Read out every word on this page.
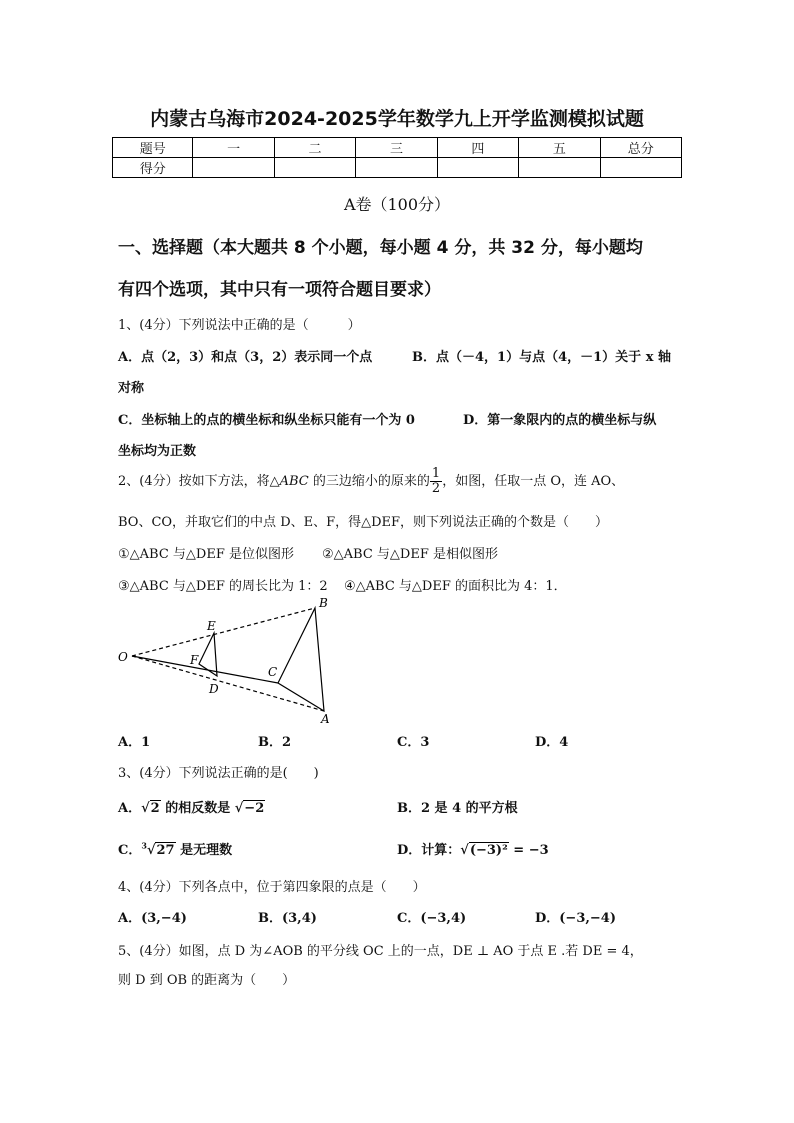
内蒙古乌海市2024-2025学年数学九上开学监测模拟试题
题号	一	二	三	四	五	总分
得分						
A卷（100分）
一、选择题（本大题共 8 个小题，每小题 4 分，共 32 分，每小题均
有四个选项，其中只有一项符合题目要求）
1、(4分）下列说法中正确的是（　　　）
A．点（2，3）和点（3，2）表示同一个点	B．点（－4，1）与点（4，－1）关于 x 轴
对称
C．坐标轴上的点的横坐标和纵坐标只能有一个为 0	D．第一象限内的点的横坐标与纵
坐标均为正数
2、(4分）按如下方法，将△ABC 的三边缩小的原来的 $\frac{1}{2}$ ，如图，任取一点 O，连 AO、
BO、CO，并取它们的中点 D、E、F，得△DEF，则下列说法正确的个数是（　　）
①△ABC 与△DEF 是位似图形 ②△ABC 与△DEF 是相似图形
③△ABC 与△DEF 的周长比为 1：2 ④△ABC 与△DEF 的面积比为 4：1．
O
B
A
C
E
F
D
A．1	B．2	C．3	D．4
3、(4分）下列说法正确的是(　　)
A．√2 的相反数是 √−2	B．2 是 4 的平方根
C．$^3$√27 是无理数	D．计算：√(−3)² = −3
4、(4分）下列各点中，位于第四象限的点是（　　）
A．(3,−4)	B．(3,4)	C．(−3,4)	D．(−3,−4)
5、(4分）如图，点 D 为∠AOB 的平分线 OC 上的一点，DE ⊥ AO 于点 E .若 DE = 4，
则 D 到 OB 的距离为（　　）
